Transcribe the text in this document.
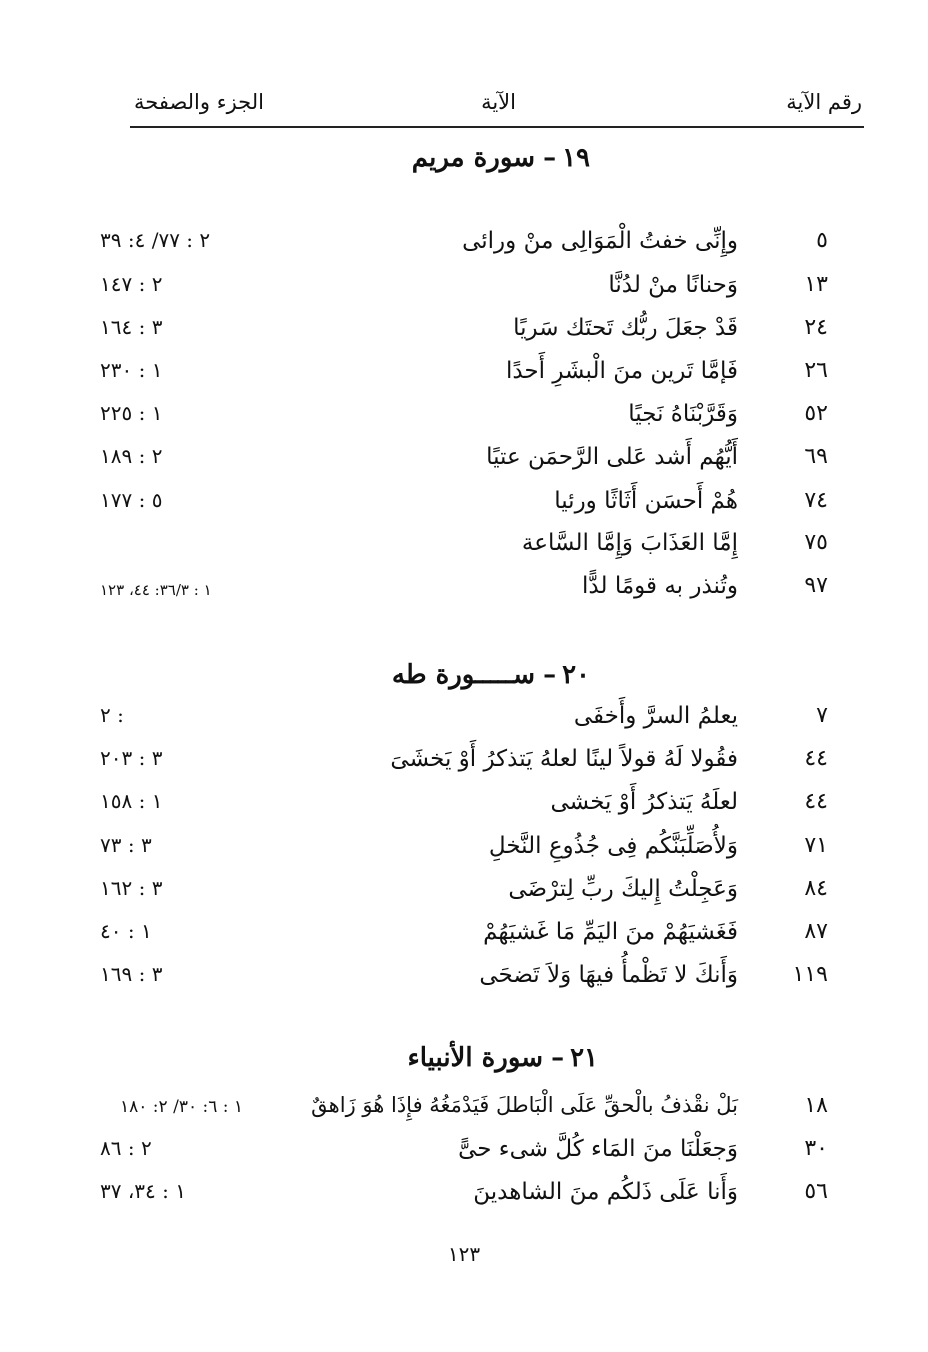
رقم الآية
الآية
الجزء والصفحة
١٩–سورة مريم
٥
وإِنِّى خفتُ الْمَوَالِى منْ ورائى
٢ : ٧٧/ ٤: ٣٩
١٣
وَحنانًا منْ لدُنَّا
٢ : ١٤٧
٢٤
قَدْ جعَلَ ربُّك تَحتَك سَريًا
٣ : ١٦٤
٢٦
فَإمَّا تَرين منَ الْبشَرِ أَحدًا
١ : ٢٣٠
٥٢
وَقَرَّبْنَاهُ نَجيًا
١ : ٢٢٥
٦٩
أَيُّهُم أَشد عَلى الرَّحمَن عتيًا
٢ : ١٨٩
٧٤
هُمْ أَحسَن أَثَاثًا ورئيا
٥ : ١٧٧
٧٥
إِمَّا العَذَابَ وَإِمَّا السَّاعة
٩٧
وتُنذر به قومًا لدًّا
١ : ٣٦/٣: ٤٤، ١٢٣
٢٠–ســـــورة طه
٧
يعلمُ السرَّ وأَخفَى
٢ :
٤٤
فقُولا لَهُ قولاً لينًا لعلهُ يَتذكرُ أَوْ يَخشَىَ
٣ : ٢٠٣
٤٤
لعلَهُ يَتذكرُ أَوْ يَخشى
١ : ١٥٨
٧١
وَلأُصَلِّبَنَّكُم فِى جُذُوعِ النَّخلِ
٣ : ٧٣
٨٤
وَعَجِلْتُ إِليكَ ربِّ لِترْضَى
٣ : ١٦٢
٨٧
فَغَشيَهُمْ منَ اليَمِّ مَا غَشيَهُمْ
١ : ٤٠
١١٩
وَأَنكَ لا تَظْمأُ فيهَا وَلاَ تَضحَى
٣ : ١٦٩
٢١–سورة الأنبياء
١٨
بَلْ نقْذفُ بالْحقِّ عَلَى الْبَاطلَ فَيَدْمَغُهُ فإِذَا هُوَ زَاهقٌ
١ : ٦: ٣٠/ ٢: ١٨٠
٣٠
وَجعَلْنَا منَ المَاء كُلَّ شىء حىًّ
٢ : ٨٦
٥٦
وَأَنا عَلَى ذَلكُم منَ الشاهدينَ
١ : ٣٤، ٣٧
١٢٣
